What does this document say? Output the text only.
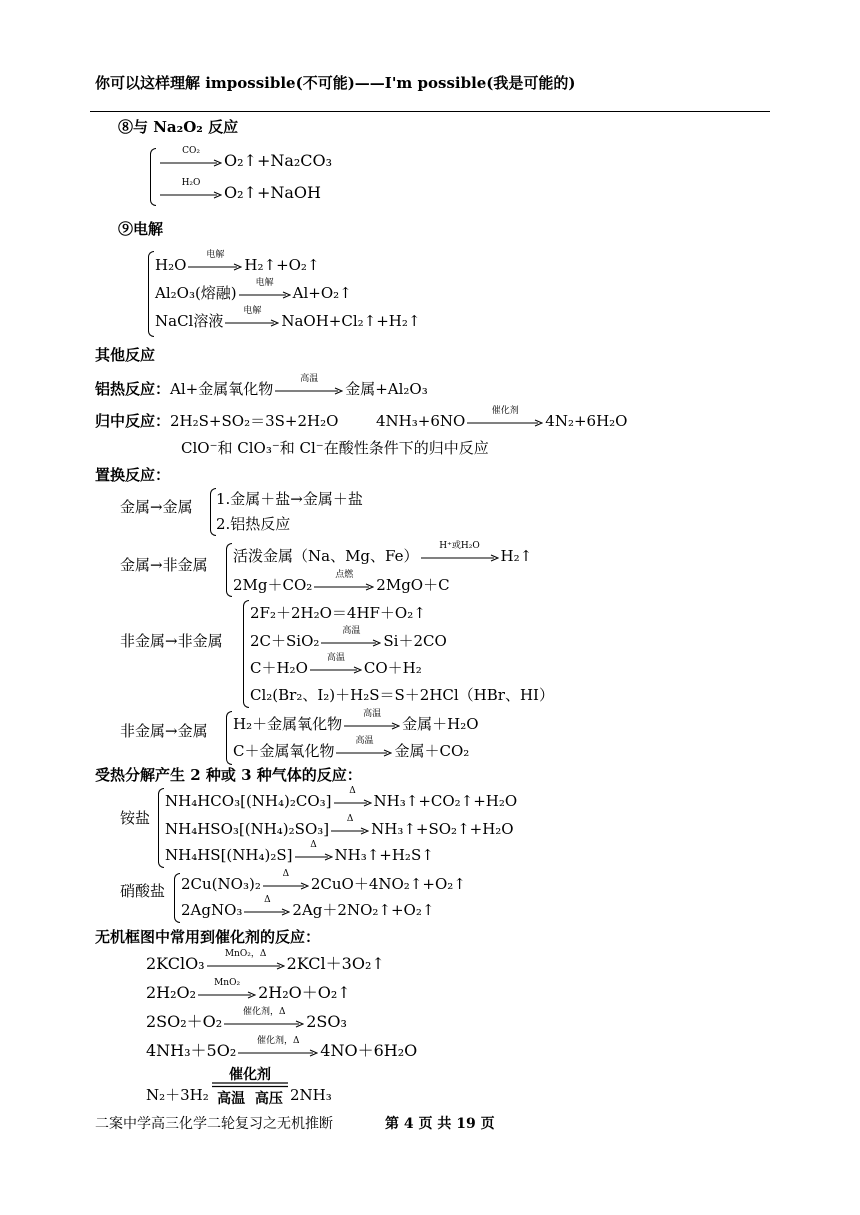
你可以这样理解 impossible(不可能)——I'm possible(我是可能的)
⑧与 Na₂O₂ 反应
CO₂
O₂↑+Na₂CO₃
H₂O
O₂↑+NaOH
⑨电解
H₂O
电解
H₂↑+O₂↑
Al₂O₃(熔融)
电解
Al+O₂↑
NaCl溶液
电解
NaOH+Cl₂↑+H₂↑
其他反应
铝热反应：Al+金属氧化物
高温
金属+Al₂O₃
归中反应：2H₂S+SO₂＝3S+2H₂O	4NH₃+6NO
催化剂
4N₂+6H₂O
ClO⁻和 ClO₃⁻和 Cl⁻在酸性条件下的归中反应
置换反应：
金属→金属 1.金属＋盐→金属＋盐
2.铝热反应
金属→非金属 活泼金属（Na、Mg、Fe）
H⁺或H₂O
H₂↑
2Mg＋CO₂
点燃
2MgO＋C
非金属→非金属
2F₂＋2H₂O＝4HF＋O₂↑
2C＋SiO₂
高温
Si＋2CO
C＋H₂O
高温
CO＋H₂
Cl₂(Br₂、I₂)＋H₂S＝S＋2HCl（HBr、HI）
非金属→金属 H₂＋金属氧化物
高温
金属＋H₂O
C＋金属氧化物
高温
金属＋CO₂
受热分解产生 2 种或 3 种气体的反应：
铵盐
NH₄HCO₃[(NH₄)₂CO₃]
Δ
NH₃↑+CO₂↑+H₂O
NH₄HSO₃[(NH₄)₂SO₃]
Δ
NH₃↑+SO₂↑+H₂O
NH₄HS[(NH₄)₂S]
Δ
NH₃↑+H₂S↑
硝酸盐 2Cu(NO₃)₂
Δ
2CuO＋4NO₂↑+O₂↑
2AgNO₃
Δ
2Ag＋2NO₂↑+O₂↑
无机框图中常用到催化剂的反应：
2KClO₃
MnO₂，Δ
2KCl＋3O₂↑
2H₂O₂
MnO₂
2H₂O＋O₂↑
2SO₂＋O₂
催化剂，Δ
2SO₃
4NH₃＋5O₂
催化剂，Δ
4NO＋6H₂O
N₂＋3H₂
催化剂
高温  高压 2NH₃
二案中学高三化学二轮复习之无机推断	第 4 页 共 19 页
